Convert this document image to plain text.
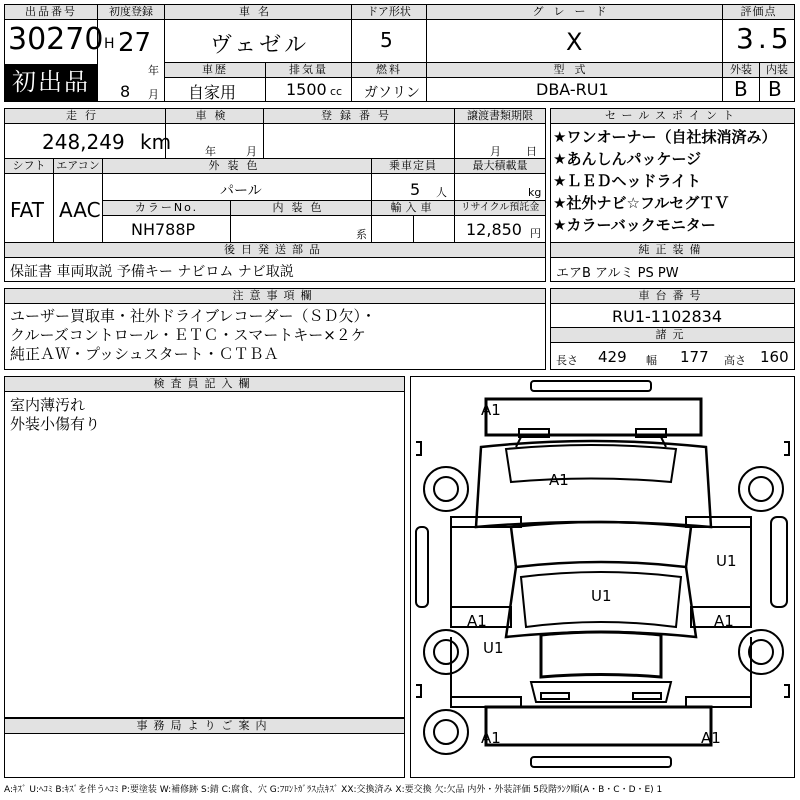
出品番号
30270
初出品
初度登録
H 27
年
8 月
車名
ヴェゼル
ドア形状
5
グレード
X
評価点
3.5
車歴
自家用
排気量
1500 cc
燃料
ガソリン
型式
DBA-RU1
外装	内装
B B
走行
248,249 km
車検
年	月
登録番号	譲渡書類期限
月 日
シフト
FAT
エアコン
AAC
外装色
パール
乗車定員
5 人
最大積載量
kg
カラーNo.
NH788P
内装色
系
輸入車	リサイクル預託金
12,850 円
後日発送部品
保証書 車両取説 予備キー ナビロム ナビ取説
セールスポイント
★ワンオーナー（自社抹消済み）
★あんしんパッケージ
★ＬＥＤヘッドライト
★社外ナビ☆フルセグＴＶ
★カラーバックモニター
純正装備
エアB アルミ PS PW
注意事項欄
ユーザー買取車・社外ドライブレコーダー（ＳＤ欠）・
クルーズコントロール・ＥＴＣ・スマートキー×２ケ
純正ＡＷ・プッシュスタート・ＣＴＢＡ
車台番号
RU1-1102834
諸元
長さ 429 幅 177 高さ 160
検査員記入欄
室内薄汚れ
外装小傷有り
事務局よりご案内
A1
A1
U1
U1
A1	A1
U1
A1	A1
A:ｷｽﾞ U:ﾍｺﾐ B:ｷｽﾞを伴うﾍｺﾐ P:要塗装 W:補修跡 S:錆 C:腐食、穴 G:ﾌﾛﾝﾄｶﾞﾗｽ点ｷｽﾞ XX:交換済み X:要交換 欠:欠品 内外・外装評価 5段階ﾗﾝｸ順(A・B・C・D・E) 1
